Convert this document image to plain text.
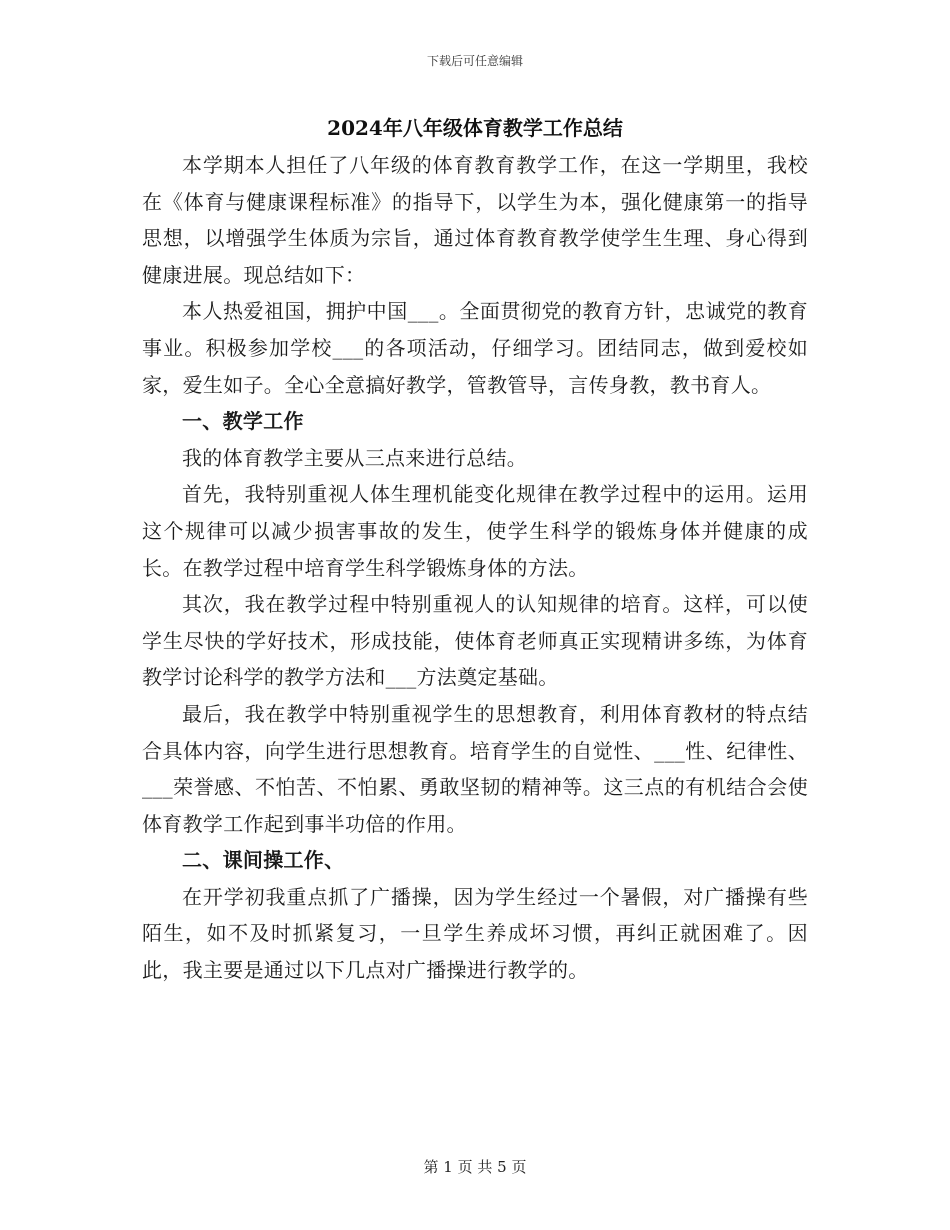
下载后可任意编辑
2024年八年级体育教学工作总结

本学期本人担任了八年级的体育教育教学工作，在这一学期里，我校在《体育与健康课程标准》的指导下，以学生为本，强化健康第一的指导思想，以增强学生体质为宗旨，通过体育教育教学使学生生理、身心得到健康进展。现总结如下：

本人热爱祖国，拥护中国___。全面贯彻党的教育方针，忠诚党的教育事业。积极参加学校___的各项活动，仔细学习。团结同志，做到爱校如家，爱生如子。全心全意搞好教学，管教管导，言传身教，教书育人。

一、教学工作

我的体育教学主要从三点来进行总结。

首先，我特别重视人体生理机能变化规律在教学过程中的运用。运用这个规律可以减少损害事故的发生，使学生科学的锻炼身体并健康的成长。在教学过程中培育学生科学锻炼身体的方法。

其次，我在教学过程中特别重视人的认知规律的培育。这样，可以使学生尽快的学好技术，形成技能，使体育老师真正实现精讲多练，为体育教学讨论科学的教学方法和___方法奠定基础。

最后，我在教学中特别重视学生的思想教育，利用体育教材的特点结合具体内容，向学生进行思想教育。培育学生的自觉性、___性、纪律性、___荣誉感、不怕苦、不怕累、勇敢坚韧的精神等。这三点的有机结合会使体育教学工作起到事半功倍的作用。

二、课间操工作、

在开学初我重点抓了广播操，因为学生经过一个暑假，对广播操有些陌生，如不及时抓紧复习，一旦学生养成坏习惯，再纠正就困难了。因此，我主要是通过以下几点对广播操进行教学的。

第 1 页 共 5 页
